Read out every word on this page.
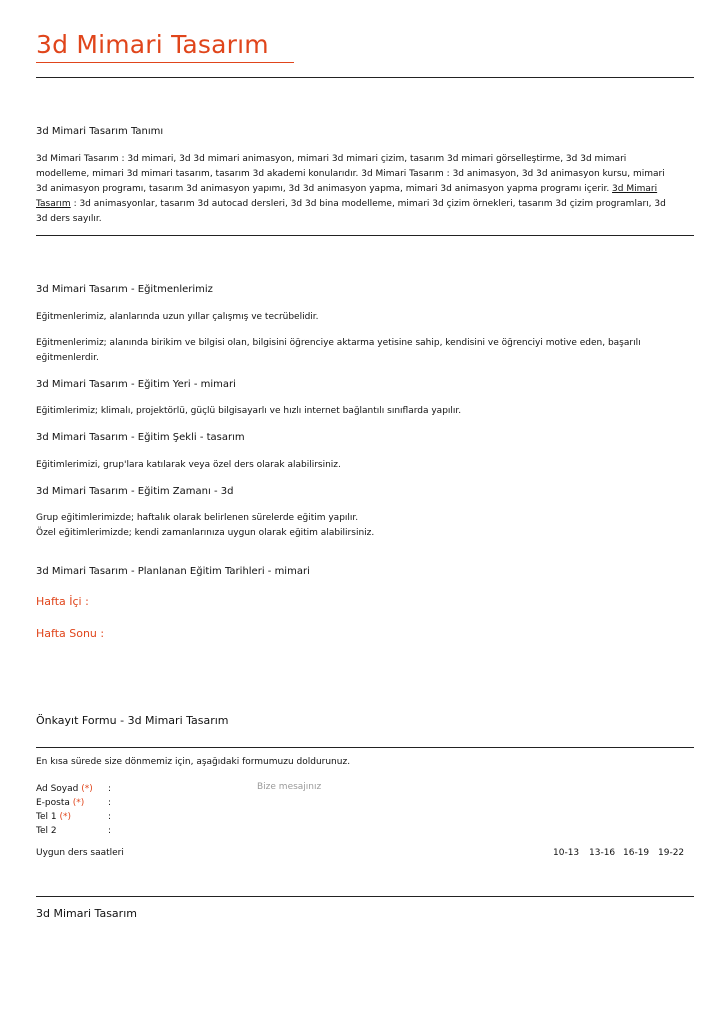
3d Mimari Tasarım
3d Mimari Tasarım Tanımı
3d Mimari Tasarım : 3d mimari, 3d 3d mimari animasyon, mimari 3d mimari çizim, tasarım 3d mimari görselleştirme, 3d 3d mimari
modelleme, mimari 3d mimari tasarım, tasarım 3d akademi konularıdır. 3d Mimari Tasarım : 3d animasyon, 3d 3d animasyon kursu, mimari
3d animasyon programı, tasarım 3d animasyon yapımı, 3d 3d animasyon yapma, mimari 3d animasyon yapma programı içerir. 3d Mimari
Tasarım : 3d animasyonlar, tasarım 3d autocad dersleri, 3d 3d bina modelleme, mimari 3d çizim örnekleri, tasarım 3d çizim programları, 3d
3d ders sayılır.
3d Mimari Tasarım - Eğitmenlerimiz
Eğitmenlerimiz, alanlarında uzun yıllar çalışmış ve tecrübelidir.
Eğitmenlerimiz; alanında birikim ve bilgisi olan, bilgisini öğrenciye aktarma yetisine sahip, kendisini ve öğrenciyi motive eden, başarılı
eğitmenlerdir.
3d Mimari Tasarım - Eğitim Yeri - mimari
Eğitimlerimiz; klimalı, projektörlü, güçlü bilgisayarlı ve hızlı internet bağlantılı sınıflarda yapılır.
3d Mimari Tasarım - Eğitim Şekli - tasarım
Eğitimlerimizi, grup'lara katılarak veya özel ders olarak alabilirsiniz.
3d Mimari Tasarım - Eğitim Zamanı - 3d
Grup eğitimlerimizde; haftalık olarak belirlenen sürelerde eğitim yapılır.
Özel eğitimlerimizde; kendi zamanlarınıza uygun olarak eğitim alabilirsiniz.
3d Mimari Tasarım - Planlanan Eğitim Tarihleri - mimari
Hafta İçi :
Hafta Sonu :
Önkayıt Formu - 3d Mimari Tasarım
En kısa sürede size dönmemiz için, aşağıdaki formumuzu doldurunuz.
Ad Soyad (*) :	Bize mesajınız
E-posta (*)	:
Tel 1 (*)	:
Tel 2	:
Uygun ders saatleri	10-13 13-16 16-19 19-22
3d Mimari Tasarım
